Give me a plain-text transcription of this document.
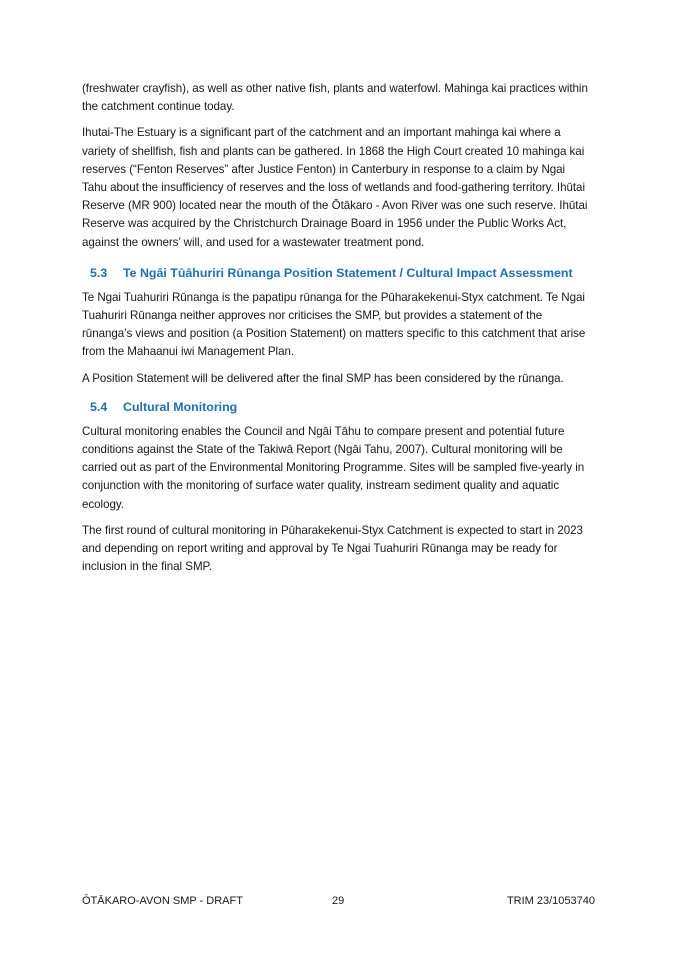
(freshwater crayfish), as well as other native fish, plants and waterfowl. Mahinga kai practices within the catchment continue today.

Ihutai-The Estuary is a significant part of the catchment and an important mahinga kai where a variety of shellfish, fish and plants can be gathered. In 1868 the High Court created 10 mahinga kai reserves (“Fenton Reserves” after Justice Fenton) in Canterbury in response to a claim by Ngai Tahu about the insufficiency of reserves and the loss of wetlands and food-gathering territory. Ihūtai Reserve (MR 900) located near the mouth of the Ōtākaro - Avon River was one such reserve. Ihūtai Reserve was acquired by the Christchurch Drainage Board in 1956 under the Public Works Act, against the owners’ will, and used for a wastewater treatment pond.

5.3 Te Ngāi Tūāhuriri Rūnanga Position Statement / Cultural Impact Assessment

Te Ngai Tuahuriri Rūnanga is the papatipu rūnanga for the Pūharakekenui-Styx catchment. Te Ngai Tuahuriri Rūnanga neither approves nor criticises the SMP, but provides a statement of the rūnanga’s views and position (a Position Statement) on matters specific to this catchment that arise from the Mahaanui iwi Management Plan.

A Position Statement will be delivered after the final SMP has been considered by the rūnanga.

5.4 Cultural Monitoring

Cultural monitoring enables the Council and Ngāi Tāhu to compare present and potential future conditions against the State of the Takiwā Report (Ngāi Tahu, 2007). Cultural monitoring will be carried out as part of the Environmental Monitoring Programme. Sites will be sampled five-yearly in conjunction with the monitoring of surface water quality, instream sediment quality and aquatic ecology.

The first round of cultural monitoring in Pūharakekenui-Styx Catchment is expected to start in 2023 and depending on report writing and approval by Te Ngai Tuahuriri Rūnanga may be ready for inclusion in the final SMP.

ŌTĀKARO-AVON SMP - DRAFT	29	TRIM 23/1053740
